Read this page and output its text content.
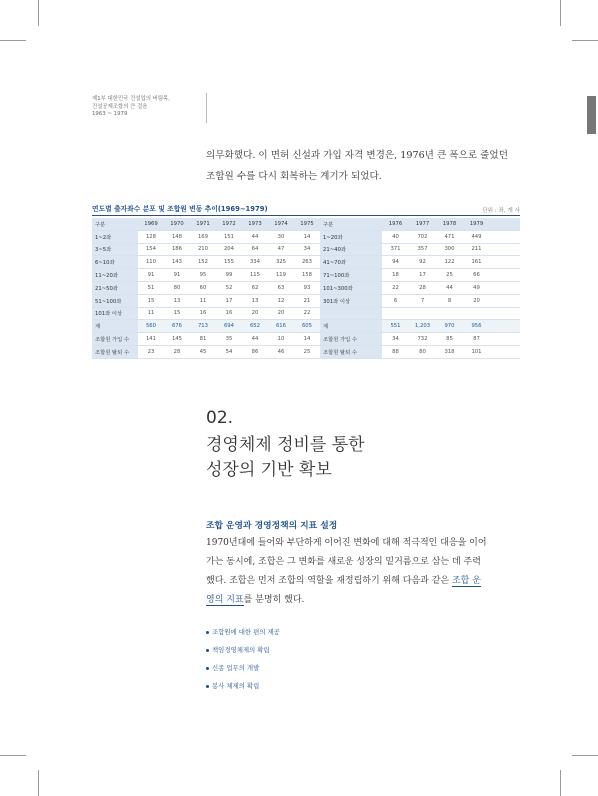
제1부 대한민국 건설업의 버팀목,
건설공제조합의 큰 걸음
1963 ~ 1979

의무화했다. 이 면허 신설과 가입 자격 변경은, 1976년 큰 폭으로 줄었던

조합원 수를 다시 회복하는 계기가 되었다.

연도별 출자좌수 분포 및 조합원 변동 추이(1969~1979)	단위 : 좌, 개 사
구분	1969	1970	1971	1972	1973	1974	1975	구분	1976	1977	1978	1979	
1~2좌	128	148	169	151	44	30	14	1~20좌	40	702	471	449	
3~5좌	154	186	210	204	64	47	34	21~40좌	371	357	300	211	
6~10좌	110	143	152	155	334	325	263	41~70좌	94	92	122	161	
11~20좌	91	91	95	99	115	119	158	71~100좌	18	17	25	66	
21~50좌	51	80	60	52	62	63	93	101~300좌	22	28	44	49	
51~100좌	15	13	11	17	13	12	21	301좌 이상	6	7	8	20	
101좌 이상	11	15	16	16	20	20	22						
계	560	676	713	694	652	616	605	계	551	1,203	970	956	
조합원 가입 수	141	145	81	35	44	10	14	조합원 가입 수	34	732	85	87	
조합원 탈퇴 수	23	28	45	54	86	46	25	조합원 탈퇴 수	88	80	318	101	
02.
경영체제 정비를 통한
성장의 기반 확보
조합 운영과 경영정책의 지표 설정

1970년대에 들어와 부단하게 이어진 변화에 대해 적극적인 대응을 이어

가는 동시에, 조합은 그 변화를 새로운 성장의 밑거름으로 삼는 데 주력

했다. 조합은 먼저 조합의 역할을 재정립하기 위해 다음과 같은 조합 운

영의 지표를 분명히 했다.

조합원에 대한 편의 제공
책임경영체제의 확립
신종 업무의 개발
봉사 체제의 확립
